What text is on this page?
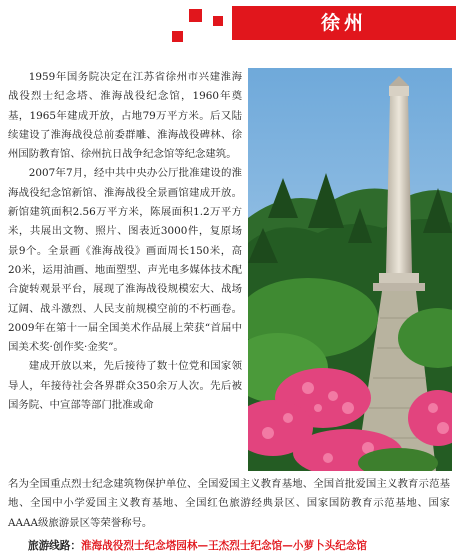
徐州

1959年国务院决定在江苏省徐州市兴建淮海战役烈士纪念塔、淮海战役纪念馆，1960年奠基，1965年建成开放，占地79万平方米。后又陆续建设了淮海战役总前委群雕、淮海战役碑林、徐州国防教育馆、徐州抗日战争纪念馆等纪念建筑。

2007年7月，经中共中央办公厅批准建设的淮海战役纪念馆新馆、淮海战役全景画馆建成开放。新馆建筑面积2.56万平方米，陈展面积1.2万平方米，共展出文物、照片、图表近3000件，复原场景9个。全景画《淮海战役》画面周长150米，高20米，运用油画、地面塑型、声光电多媒体技术配合旋转观景平台，展现了淮海战役规模宏大、战场辽阔、战斗激烈、人民支前规模空前的不朽画卷。2009年在第十一届全国美术作品展上荣获“首届中国美术奖·创作奖·金奖”。

建成开放以来，先后接待了数十位党和国家领导人，年接待社会各界群众350余万人次。先后被国务院、中宣部等部门批准或命

名为全国重点烈士纪念建筑物保护单位、全国爱国主义教育基地、全国首批爱国主义教育示范基地、全国中小学爱国主义教育基地、全国红色旅游经典景区、国家国防教育示范基地、国家AAAA级旅游景区等荣誉称号。

旅游线路：淮海战役烈士纪念塔园林—王杰烈士纪念馆—小萝卜头纪念馆
